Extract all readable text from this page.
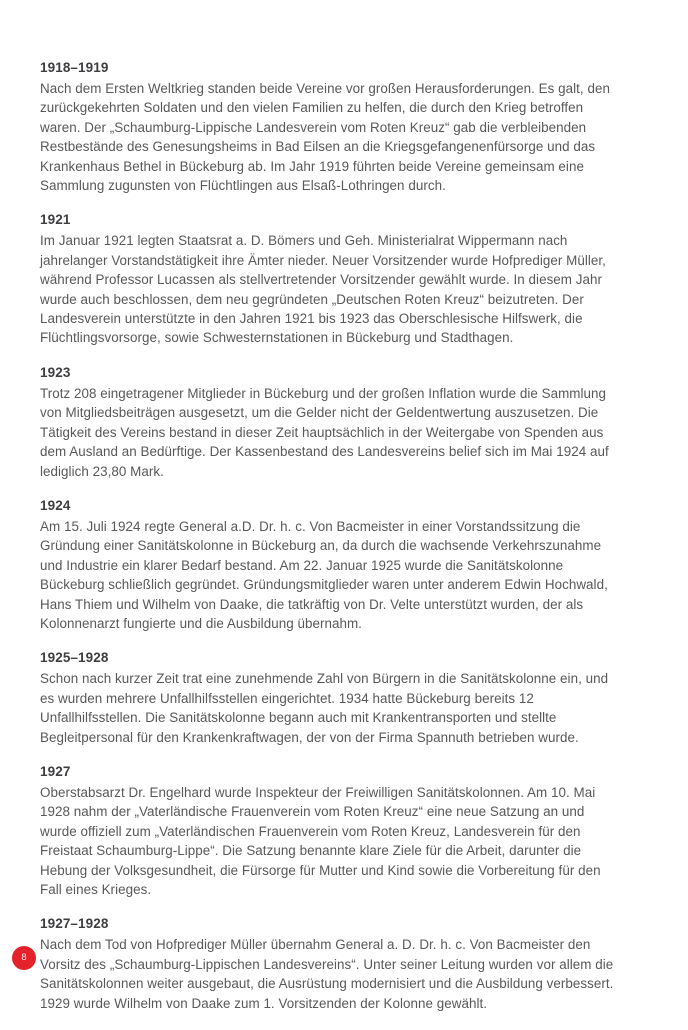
1918–1919

Nach dem Ersten Weltkrieg standen beide Vereine vor großen Herausforderungen. Es galt, den zurückgekehrten Soldaten und den vielen Familien zu helfen, die durch den Krieg betroffen waren. Der „Schaumburg-Lippische Landesverein vom Roten Kreuz“ gab die verbleibenden Restbestände des Genesungsheims in Bad Eilsen an die Kriegsgefangenenfürsorge und das Krankenhaus Bethel in Bückeburg ab. Im Jahr 1919 führten beide Vereine gemeinsam eine Sammlung zugunsten von Flüchtlingen aus Elsaß-Lothringen durch.

1921

Im Januar 1921 legten Staatsrat a. D. Bömers und Geh. Ministerialrat Wippermann nach jahrelanger Vorstandstätigkeit ihre Ämter nieder. Neuer Vorsitzender wurde Hofprediger Müller, während Professor Lucassen als stellvertretender Vorsitzender gewählt wurde. In diesem Jahr wurde auch beschlossen, dem neu gegründeten „Deutschen Roten Kreuz“ beizutreten. Der Landesverein unterstützte in den Jahren 1921 bis 1923 das Oberschlesische Hilfswerk, die Flüchtlingsvorsorge, sowie Schwesternstationen in Bückeburg und Stadthagen.

1923

Trotz 208 eingetragener Mitglieder in Bückeburg und der großen Inflation wurde die Sammlung von Mitgliedsbeiträgen ausgesetzt, um die Gelder nicht der Geldentwertung auszusetzen. Die Tätigkeit des Vereins bestand in dieser Zeit hauptsächlich in der Weitergabe von Spenden aus dem Ausland an Bedürftige. Der Kassenbestand des Landesvereins belief sich im Mai 1924 auf lediglich 23,80 Mark.

1924

Am 15. Juli 1924 regte General a.D. Dr. h. c. Von Bacmeister in einer Vorstandssitzung die Gründung einer Sanitätskolonne in Bückeburg an, da durch die wachsende Verkehrszunahme und Industrie ein klarer Bedarf bestand. Am 22. Januar 1925 wurde die Sanitätskolonne Bückeburg schließlich gegründet. Gründungsmitglieder waren unter anderem Edwin Hochwald, Hans Thiem und Wilhelm von Daake, die tatkräftig von Dr. Velte unterstützt wurden, der als Kolonnenarzt fungierte und die Ausbildung übernahm.

1925–1928

Schon nach kurzer Zeit trat eine zunehmende Zahl von Bürgern in die Sanitätskolonne ein, und es wurden mehrere Unfallhilfsstellen eingerichtet. 1934 hatte Bückeburg bereits 12 Unfallhilfsstellen. Die Sanitätskolonne begann auch mit Krankentransporten und stellte Begleitpersonal für den Krankenkraftwagen, der von der Firma Spannuth betrieben wurde.

1927

Oberstabsarzt Dr. Engelhard wurde Inspekteur der Freiwilligen Sanitätskolonnen. Am 10. Mai 1928 nahm der „Vaterländische Frauenverein vom Roten Kreuz“ eine neue Satzung an und wurde offiziell zum „Vaterländischen Frauenverein vom Roten Kreuz, Landesverein für den Freistaat Schaumburg-Lippe“. Die Satzung benannte klare Ziele für die Arbeit, darunter die Hebung der Volksgesundheit, die Fürsorge für Mutter und Kind sowie die Vorbereitung für den Fall eines Krieges.

1927–1928

Nach dem Tod von Hofprediger Müller übernahm General a. D. Dr. h. c. Von Bacmeister den Vorsitz des „Schaumburg-Lippischen Landesvereins“. Unter seiner Leitung wurden vor allem die Sanitätskolonnen weiter ausgebaut, die Ausrüstung modernisiert und die Ausbildung verbessert. 1929 wurde Wilhelm von Daake zum 1. Vorsitzenden der Kolonne gewählt.

8
